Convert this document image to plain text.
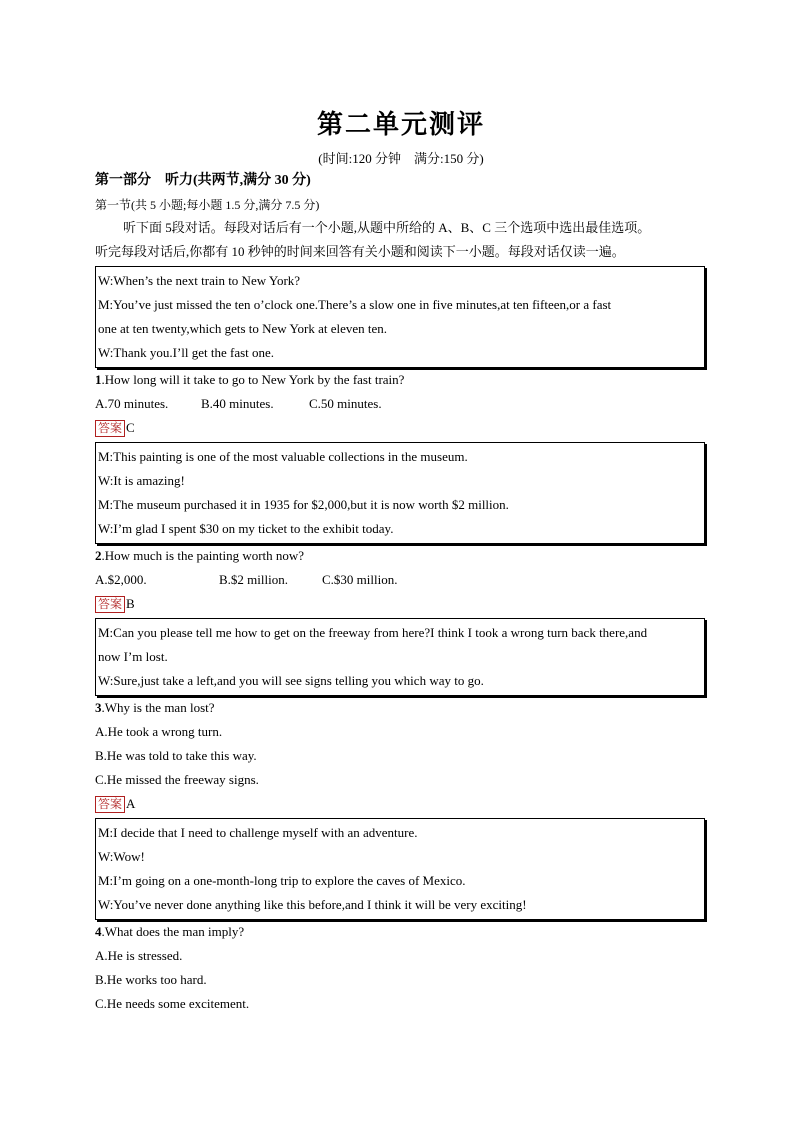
第二单元测评
(时间:120 分钟　满分:150 分)
第一部分　听力(共两节,满分 30 分)
第一节(共 5 小题;每小题 1.5 分,满分 7.5 分)
听下面 5段对话。每段对话后有一个小题,从题中所给的 A、B、C 三个选项中选出最佳选项。
听完每段对话后,你都有 10 秒钟的时间来回答有关小题和阅读下一小题。每段对话仅读一遍。
W:When’s the next train to New York?
M:You’ve just missed the ten o’clock one.There’s a slow one in five minutes,at ten fifteen,or a fast
one at ten twenty,which gets to New York at eleven ten.
W:Thank you.I’ll get the fast one.
1.How long will it take to go to New York by the fast train?
A.70 minutes.	B.40 minutes.	C.50 minutes.
答案 C
M:This painting is one of the most valuable collections in the museum.
W:It is amazing!
M:The museum purchased it in 1935 for $2,000,but it is now worth $2 million.
W:I’m glad I spent $30 on my ticket to the exhibit today.
2.How much is the painting worth now?
A.$2,000.	B.$2 million.	C.$30 million.
答案 B
M:Can you please tell me how to get on the freeway from here?I think I took a wrong turn back there,and
now I’m lost.
W:Sure,just take a left,and you will see signs telling you which way to go.
3.Why is the man lost?
A.He took a wrong turn.
B.He was told to take this way.
C.He missed the freeway signs.
答案 A
M:I decide that I need to challenge myself with an adventure.
W:Wow!
M:I’m going on a one-month-long trip to explore the caves of Mexico.
W:You’ve never done anything like this before,and I think it will be very exciting!
4.What does the man imply?
A.He is stressed.
B.He works too hard.
C.He needs some excitement.
